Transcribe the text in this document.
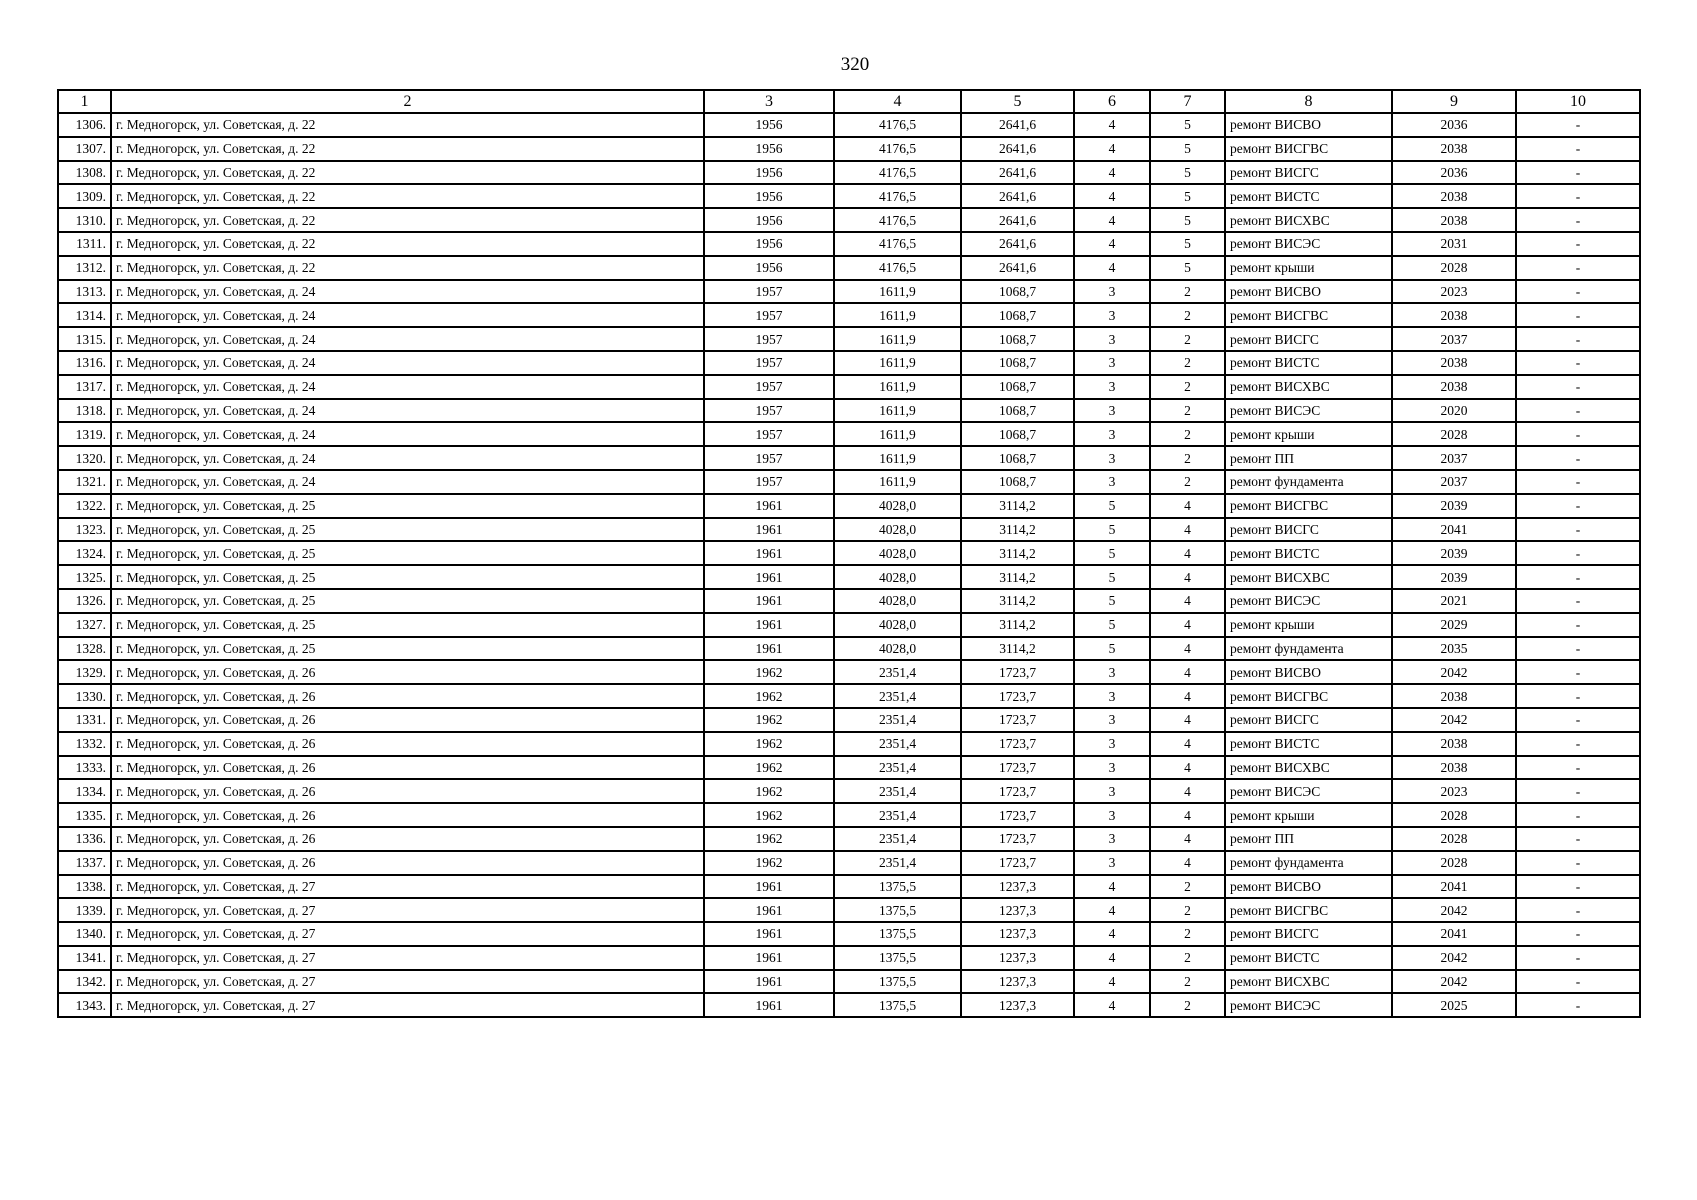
320
1	2	3	4	5	6	7	8	9	10
1306.	г. Медногорск, ул. Советская, д. 22	1956	4176,5	2641,6	4	5	ремонт ВИСВО	2036	-
1307.	г. Медногорск, ул. Советская, д. 22	1956	4176,5	2641,6	4	5	ремонт ВИСГВС	2038	-
1308.	г. Медногорск, ул. Советская, д. 22	1956	4176,5	2641,6	4	5	ремонт ВИСГС	2036	-
1309.	г. Медногорск, ул. Советская, д. 22	1956	4176,5	2641,6	4	5	ремонт ВИСТС	2038	-
1310.	г. Медногорск, ул. Советская, д. 22	1956	4176,5	2641,6	4	5	ремонт ВИСХВС	2038	-
1311.	г. Медногорск, ул. Советская, д. 22	1956	4176,5	2641,6	4	5	ремонт ВИСЭС	2031	-
1312.	г. Медногорск, ул. Советская, д. 22	1956	4176,5	2641,6	4	5	ремонт крыши	2028	-
1313.	г. Медногорск, ул. Советская, д. 24	1957	1611,9	1068,7	3	2	ремонт ВИСВО	2023	-
1314.	г. Медногорск, ул. Советская, д. 24	1957	1611,9	1068,7	3	2	ремонт ВИСГВС	2038	-
1315.	г. Медногорск, ул. Советская, д. 24	1957	1611,9	1068,7	3	2	ремонт ВИСГС	2037	-
1316.	г. Медногорск, ул. Советская, д. 24	1957	1611,9	1068,7	3	2	ремонт ВИСТС	2038	-
1317.	г. Медногорск, ул. Советская, д. 24	1957	1611,9	1068,7	3	2	ремонт ВИСХВС	2038	-
1318.	г. Медногорск, ул. Советская, д. 24	1957	1611,9	1068,7	3	2	ремонт ВИСЭС	2020	-
1319.	г. Медногорск, ул. Советская, д. 24	1957	1611,9	1068,7	3	2	ремонт крыши	2028	-
1320.	г. Медногорск, ул. Советская, д. 24	1957	1611,9	1068,7	3	2	ремонт ПП	2037	-
1321.	г. Медногорск, ул. Советская, д. 24	1957	1611,9	1068,7	3	2	ремонт фундамента	2037	-
1322.	г. Медногорск, ул. Советская, д. 25	1961	4028,0	3114,2	5	4	ремонт ВИСГВС	2039	-
1323.	г. Медногорск, ул. Советская, д. 25	1961	4028,0	3114,2	5	4	ремонт ВИСГС	2041	-
1324.	г. Медногорск, ул. Советская, д. 25	1961	4028,0	3114,2	5	4	ремонт ВИСТС	2039	-
1325.	г. Медногорск, ул. Советская, д. 25	1961	4028,0	3114,2	5	4	ремонт ВИСХВС	2039	-
1326.	г. Медногорск, ул. Советская, д. 25	1961	4028,0	3114,2	5	4	ремонт ВИСЭС	2021	-
1327.	г. Медногорск, ул. Советская, д. 25	1961	4028,0	3114,2	5	4	ремонт крыши	2029	-
1328.	г. Медногорск, ул. Советская, д. 25	1961	4028,0	3114,2	5	4	ремонт фундамента	2035	-
1329.	г. Медногорск, ул. Советская, д. 26	1962	2351,4	1723,7	3	4	ремонт ВИСВО	2042	-
1330.	г. Медногорск, ул. Советская, д. 26	1962	2351,4	1723,7	3	4	ремонт ВИСГВС	2038	-
1331.	г. Медногорск, ул. Советская, д. 26	1962	2351,4	1723,7	3	4	ремонт ВИСГС	2042	-
1332.	г. Медногорск, ул. Советская, д. 26	1962	2351,4	1723,7	3	4	ремонт ВИСТС	2038	-
1333.	г. Медногорск, ул. Советская, д. 26	1962	2351,4	1723,7	3	4	ремонт ВИСХВС	2038	-
1334.	г. Медногорск, ул. Советская, д. 26	1962	2351,4	1723,7	3	4	ремонт ВИСЭС	2023	-
1335.	г. Медногорск, ул. Советская, д. 26	1962	2351,4	1723,7	3	4	ремонт крыши	2028	-
1336.	г. Медногорск, ул. Советская, д. 26	1962	2351,4	1723,7	3	4	ремонт ПП	2028	-
1337.	г. Медногорск, ул. Советская, д. 26	1962	2351,4	1723,7	3	4	ремонт фундамента	2028	-
1338.	г. Медногорск, ул. Советская, д. 27	1961	1375,5	1237,3	4	2	ремонт ВИСВО	2041	-
1339.	г. Медногорск, ул. Советская, д. 27	1961	1375,5	1237,3	4	2	ремонт ВИСГВС	2042	-
1340.	г. Медногорск, ул. Советская, д. 27	1961	1375,5	1237,3	4	2	ремонт ВИСГС	2041	-
1341.	г. Медногорск, ул. Советская, д. 27	1961	1375,5	1237,3	4	2	ремонт ВИСТС	2042	-
1342.	г. Медногорск, ул. Советская, д. 27	1961	1375,5	1237,3	4	2	ремонт ВИСХВС	2042	-
1343.	г. Медногорск, ул. Советская, д. 27	1961	1375,5	1237,3	4	2	ремонт ВИСЭС	2025	-
